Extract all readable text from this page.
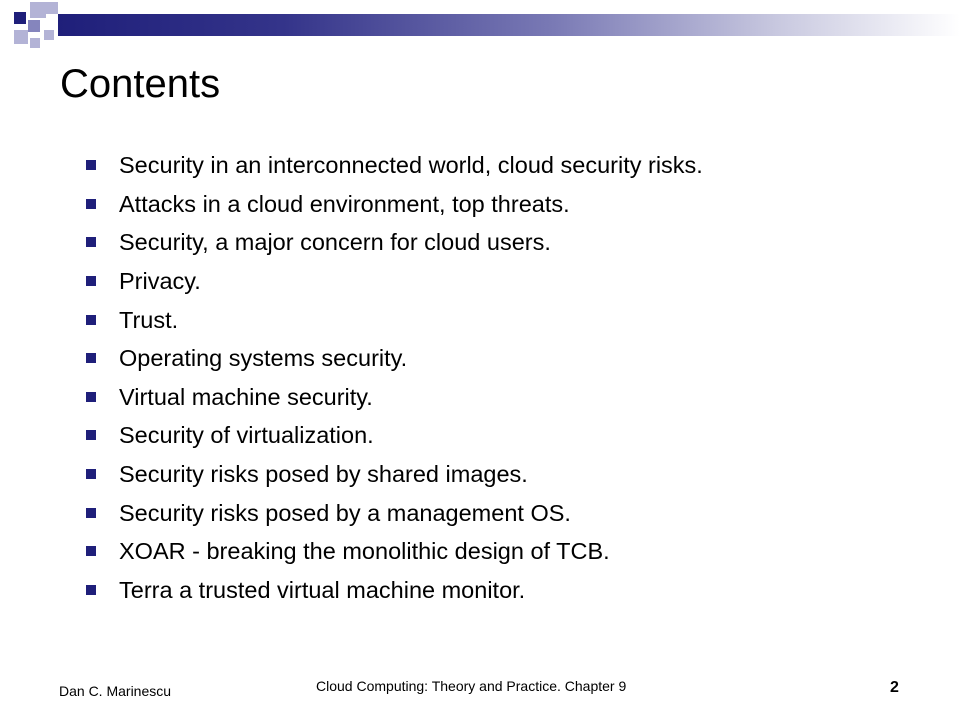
Contents
Security in an interconnected world, cloud security risks.
Attacks in a cloud environment, top threats.
Security, a major concern for cloud users.
Privacy.
Trust.
Operating systems security.
Virtual machine security.
Security of virtualization.
Security risks posed by shared images.
Security risks posed by a management OS.
XOAR - breaking the monolithic design of TCB.
Terra a trusted virtual machine monitor.
Dan C. Marinescu	Cloud Computing: Theory and Practice. Chapter 9	2
